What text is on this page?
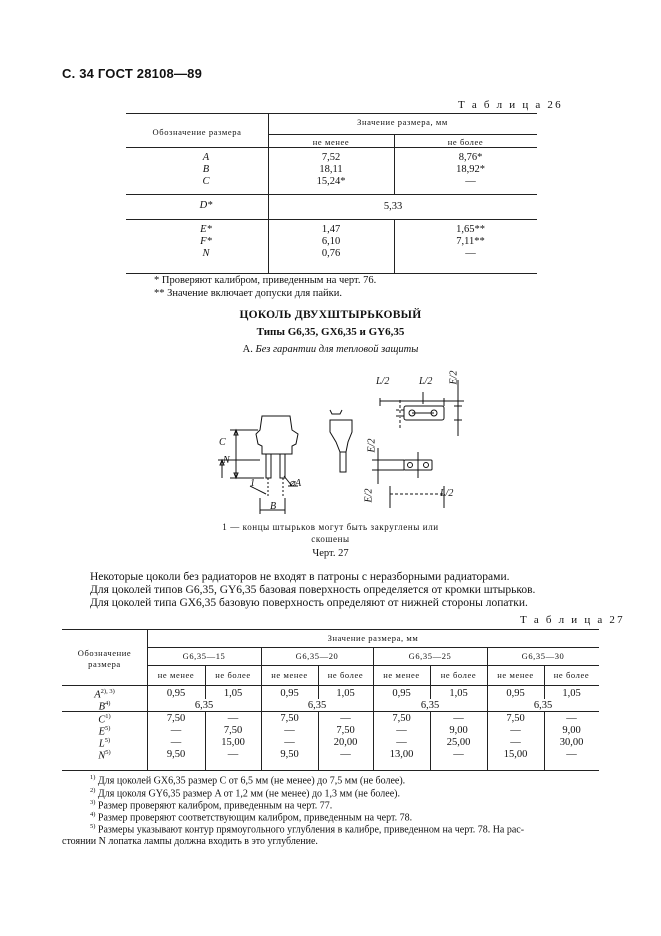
С. 34 ГОСТ 28108—89
Т а б л и ц а 26
Обозначение размера
Значение размера, мм
не менее	не более
A	7,52	8,76*
B	18,11	18,92*
C	15,24*	—
D*	5,33
E*	1,47	1,65**
F*	6,10	7,11**
N	0,76	—
* Проверяют калибром, приведенным на черт. 76.
** Значение включает допуски для пайки.
ЦОКОЛЬ ДВУХШТЫРЬКОВЫЙ
Типы G6,35, GX6,35 и GY6,35
А. Без гарантии для тепловой защиты
C
N
1	⌀A
B
L/2	L/2 E/2
E/2
E/2	L/2
1 — концы штырьков могут быть закруглены или
скошены
Черт. 27
Некоторые цоколи без радиаторов не входят в патроны с неразборными радиаторами.
Для цоколей типов G6,35, GY6,35 базовая поверхность определяется от кромки штырьков.
Для цоколей типа GX6,35 базовую поверхность определяют от нижней стороны лопатки.
Т а б л и ц а 27
Обозначение
размера
Значение размера, мм
G6,35—15	G6,35—20	G6,35—25	G6,35—30
не менее	не более	не менее	не более	не менее	не более	не менее	не более
$A^{2), 3)}$	0,95	1,05	0,95	1,05	0,95	1,05	0,95	1,05
$B^{4)}$	6,35	6,35	6,35	6,35
$C^{1)}$	7,50	—	7,50	—	7,50	—	7,50	—
$E^{5)}$	—	7,50	—	7,50	—	9,00	—	9,00
$L^{5)}$	—	15,00	—	20,00	—	25,00	—	30,00
$N^{5)}$	9,50	—	9,50	—	13,00	—	15,00	—
$^{1)}$ Для цоколей GX6,35 размер C от 6,5 мм (не менее) до 7,5 мм (не более).
$^{2)}$ Для цоколя GY6,35 размер A от 1,2 мм (не менее) до 1,3 мм (не более).
$^{3)}$ Размер проверяют калибром, приведенным на черт. 77.
$^{4)}$ Размер проверяют соответствующим калибром, приведенным на черт. 78.
$^{5)}$ Размеры указывают контур прямоугольного углубления в калибре, приведенном на черт. 78. На рас-
стоянии N лопатка лампы должна входить в это углубление.
